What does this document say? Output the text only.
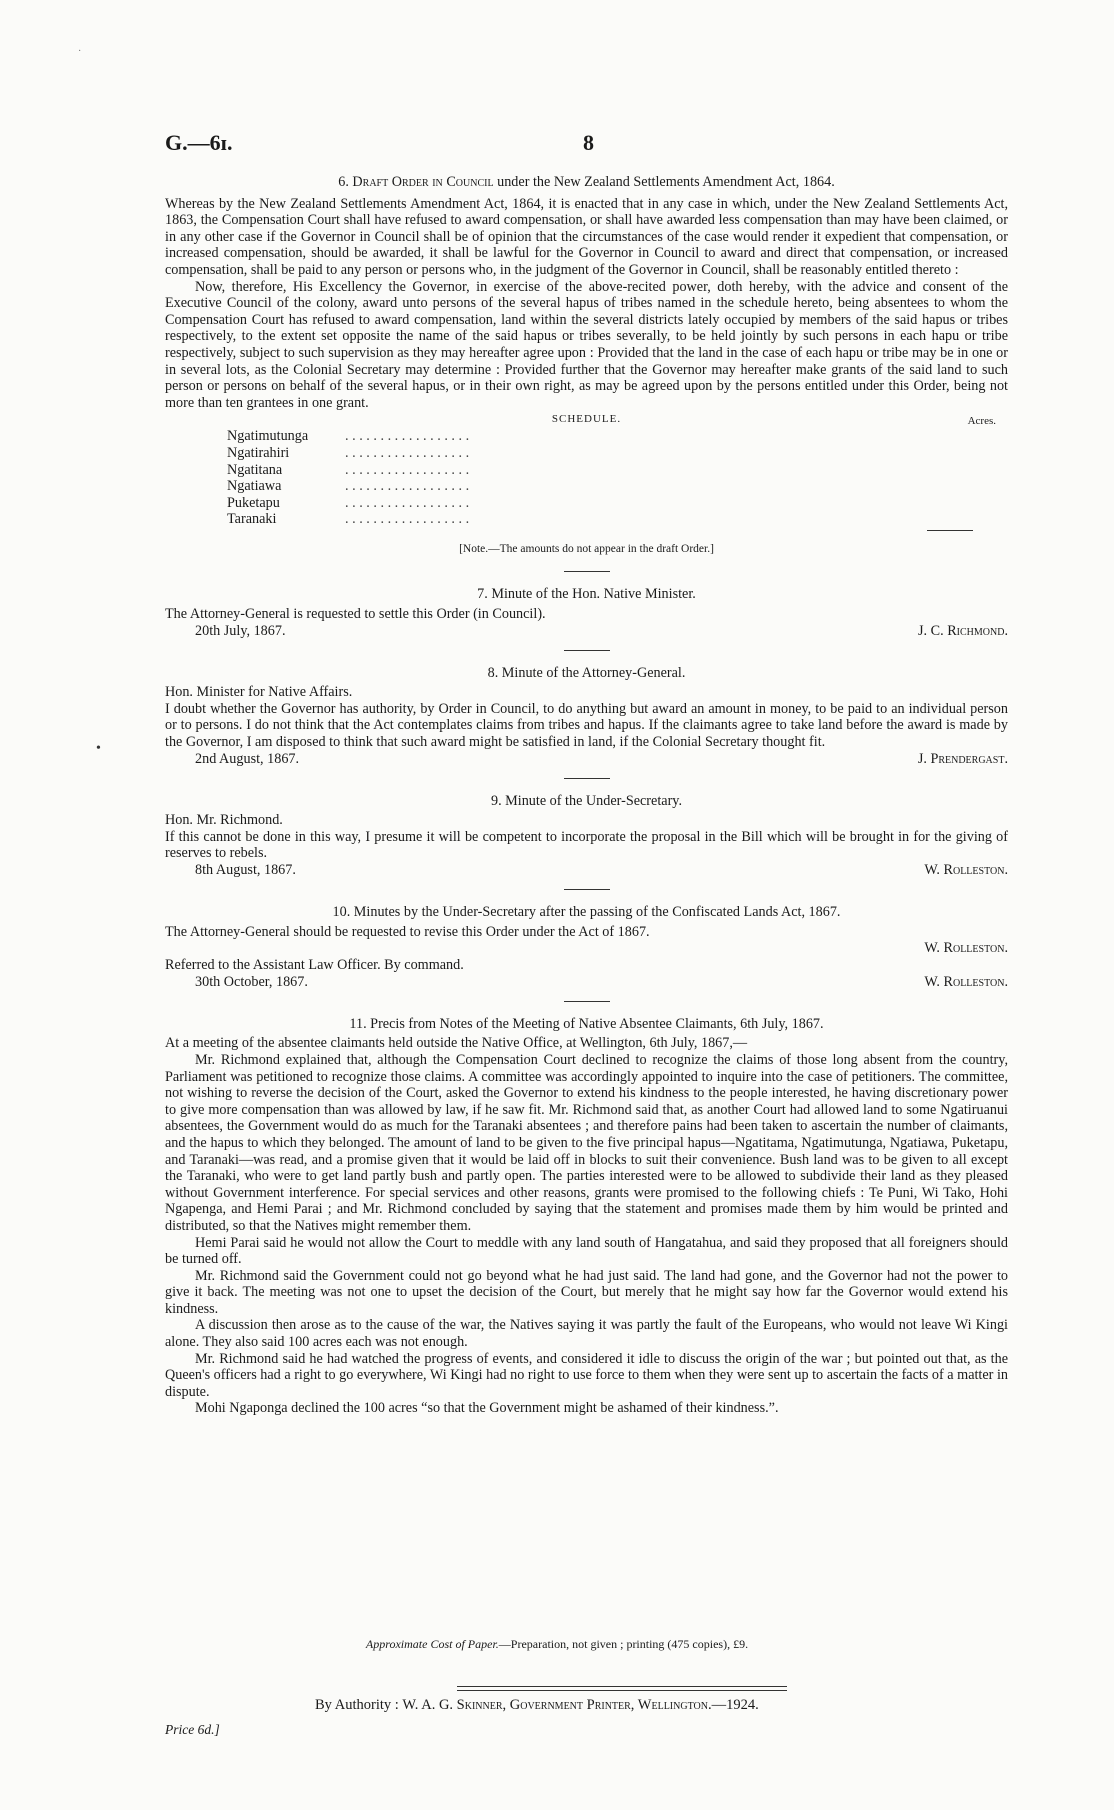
G.—6ɪ.	8
·
•
6. Draft Order in Council under the New Zealand Settlements Amendment Act, 1864.

Whereas by the New Zealand Settlements Amendment Act, 1864, it is enacted that in any case in which, under the New Zealand Settlements Act, 1863, the Compensation Court shall have refused to award compensation, or shall have awarded less compensation than may have been claimed, or in any other case if the Governor in Council shall be of opinion that the circumstances of the case would render it expedient that compensation, or increased compensation, should be awarded, it shall be lawful for the Governor in Council to award and direct that compensation, or increased compensation, shall be paid to any person or persons who, in the judgment of the Governor in Council, shall be reasonably entitled thereto :

Now, therefore, His Excellency the Governor, in exercise of the above-recited power, doth hereby, with the advice and consent of the Executive Council of the colony, award unto persons of the several hapus of tribes named in the schedule hereto, being absentees to whom the Compensation Court has refused to award compensation, land within the several districts lately occupied by members of the said hapus or tribes respectively, to the extent set opposite the name of the said hapus or tribes severally, to be held jointly by such persons in each hapu or tribe respectively, subject to such supervision as they may hereafter agree upon : Provided that the land in the case of each hapu or tribe may be in one or in several lots, as the Colonial Secretary may determine : Provided further that the Governor may hereafter make grants of the said land to such person or persons on behalf of the several hapus, or in their own right, as may be agreed upon by the persons entitled under this Order, being not more than ten grantees in one grant.

SCHEDULE.	Acres.
Ngatimutunga	. . . . . . . . . . . . . . . . . .
Ngatirahiri	. . . . . . . . . . . . . . . . . .
Ngatitana	. . . . . . . . . . . . . . . . . .
Ngatiawa	. . . . . . . . . . . . . . . . . .
Puketapu	. . . . . . . . . . . . . . . . . .
Taranaki	. . . . . . . . . . . . . . . . . .
[Note.—The amounts do not appear in the draft Order.]
7. Minute of the Hon. Native Minister.

The Attorney-General is requested to settle this Order (in Council).

20th July, 1867.	J. C. Richmond.
8. Minute of the Attorney-General.

Hon. Minister for Native Affairs.

I doubt whether the Governor has authority, by Order in Council, to do anything but award an amount in money, to be paid to an individual person or to persons. I do not think that the Act contemplates claims from tribes and hapus. If the claimants agree to take land before the award is made by the Governor, I am disposed to think that such award might be satisfied in land, if the Colonial Secretary thought fit.

2nd August, 1867.	J. Prendergast.
9. Minute of the Under-Secretary.

Hon. Mr. Richmond.

If this cannot be done in this way, I presume it will be competent to incorporate the proposal in the Bill which will be brought in for the giving of reserves to rebels.

8th August, 1867.	W. Rolleston.
10. Minutes by the Under-Secretary after the passing of the Confiscated Lands Act, 1867.

The Attorney-General should be requested to revise this Order under the Act of 1867.

W. Rolleston.

Referred to the Assistant Law Officer. By command.

30th October, 1867.	W. Rolleston.
11. Precis from Notes of the Meeting of Native Absentee Claimants, 6th July, 1867.

At a meeting of the absentee claimants held outside the Native Office, at Wellington, 6th July, 1867,—

Mr. Richmond explained that, although the Compensation Court declined to recognize the claims of those long absent from the country, Parliament was petitioned to recognize those claims. A committee was accordingly appointed to inquire into the case of petitioners. The committee, not wishing to reverse the decision of the Court, asked the Governor to extend his kindness to the people interested, he having discretionary power to give more compensation than was allowed by law, if he saw fit. Mr. Richmond said that, as another Court had allowed land to some Ngatiruanui absentees, the Government would do as much for the Taranaki absentees ; and therefore pains had been taken to ascertain the number of claimants, and the hapus to which they belonged. The amount of land to be given to the five principal hapus—Ngatitama, Ngatimutunga, Ngatiawa, Puketapu, and Taranaki—was read, and a promise given that it would be laid off in blocks to suit their convenience. Bush land was to be given to all except the Taranaki, who were to get land partly bush and partly open. The parties interested were to be allowed to subdivide their land as they pleased without Government interference. For special services and other reasons, grants were promised to the following chiefs : Te Puni, Wi Tako, Hohi Ngapenga, and Hemi Parai ; and Mr. Richmond concluded by saying that the statement and promises made them by him would be printed and distributed, so that the Natives might remember them.

Hemi Parai said he would not allow the Court to meddle with any land south of Hangatahua, and said they proposed that all foreigners should be turned off.

Mr. Richmond said the Government could not go beyond what he had just said. The land had gone, and the Governor had not the power to give it back. The meeting was not one to upset the decision of the Court, but merely that he might say how far the Governor would extend his kindness.

A discussion then arose as to the cause of the war, the Natives saying it was partly the fault of the Europeans, who would not leave Wi Kingi alone. They also said 100 acres each was not enough.

Mr. Richmond said he had watched the progress of events, and considered it idle to discuss the origin of the war ; but pointed out that, as the Queen's officers had a right to go everywhere, Wi Kingi had no right to use force to them when they were sent up to ascertain the facts of a matter in dispute.

Mohi Ngaponga declined the 100 acres “so that the Government might be ashamed of their kindness.”.

Approximate Cost of Paper.—Preparation, not given ; printing (475 copies), £9.
By Authority : W. A. G. Skinner, Government Printer, Wellington.—1924.
Price 6d.]
